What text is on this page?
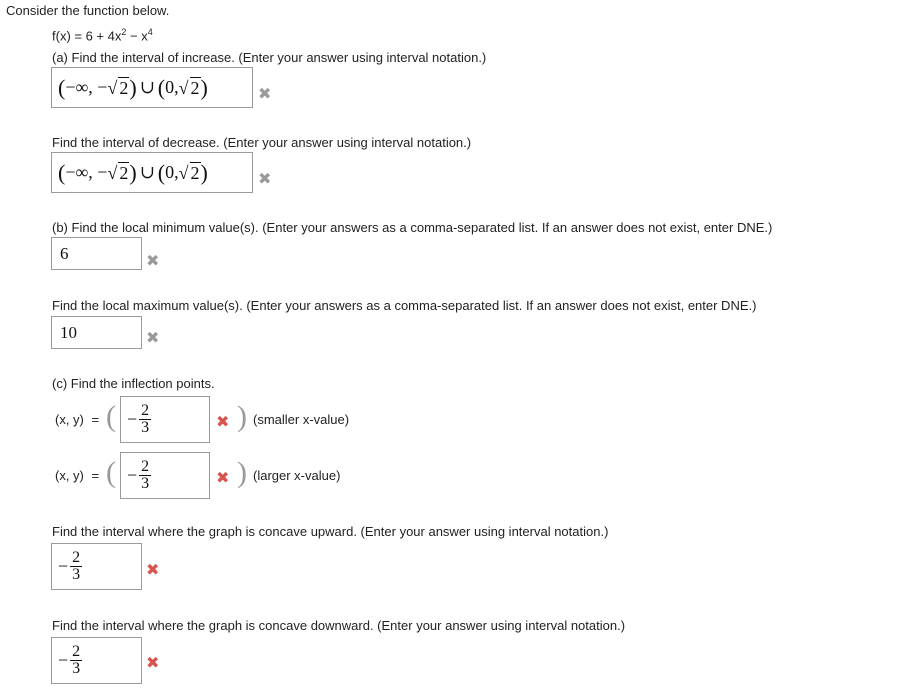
Consider the function below.
$f(x) = 6 + 4x^2 - x^4$
(a) Find the interval of increase. (Enter your answer using interval notation.)
( −∞, − √ 2 ) ∪ ( 0, √ 2 )	✖
Find the interval of decrease. (Enter your answer using interval notation.)
( −∞, − √ 2 ) ∪ ( 0, √ 2 )	✖
(b) Find the local minimum value(s). (Enter your answers as a comma-separated list. If an answer does not exist, enter DNE.)
6	✖
Find the local maximum value(s). (Enter your answers as a comma-separated list. If an answer does not exist, enter DNE.)
10	✖
(c) Find the inflection points.
(x, y) = ( − $\frac{2}{3}$	✖ ) (smaller x-value)
(x, y) = ( − $\frac{2}{3}$	✖ ) (larger x-value)
Find the interval where the graph is concave upward. (Enter your answer using interval notation.)
− $\frac{2}{3}$	✖
Find the interval where the graph is concave downward. (Enter your answer using interval notation.)
− $\frac{2}{3}$	✖
